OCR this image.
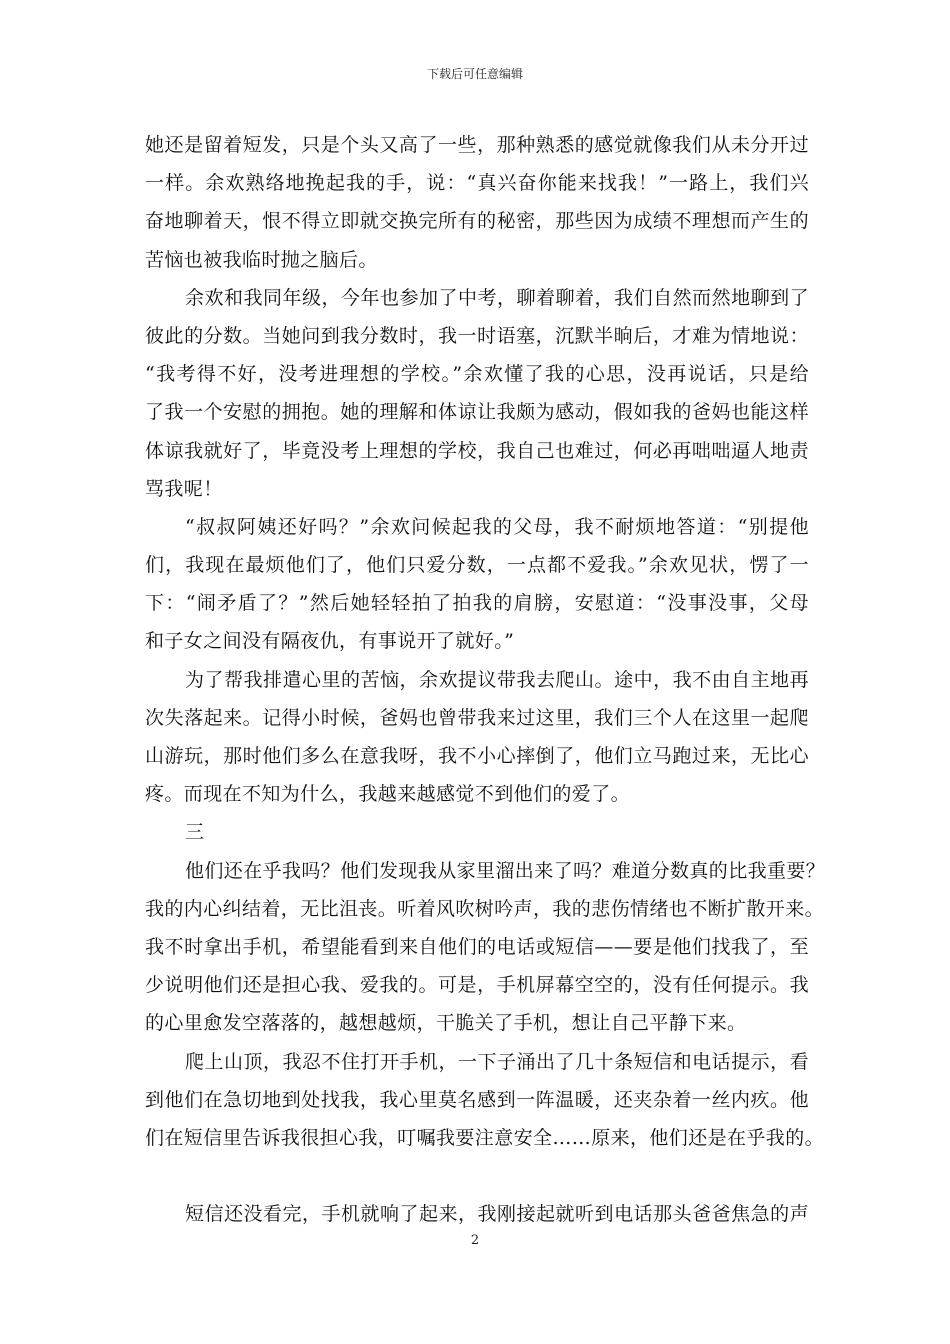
下载后可任意编辑
她还是留着短发，只是个头又高了一些，那种熟悉的感觉就像我们从未分开过
一样。余欢熟络地挽起我的手，说：“真兴奋你能来找我！”一路上，我们兴
奋地聊着天，恨不得立即就交换完所有的秘密，那些因为成绩不理想而产生的
苦恼也被我临时抛之脑后。
余欢和我同年级，今年也参加了中考，聊着聊着，我们自然而然地聊到了
彼此的分数。当她问到我分数时，我一时语塞，沉默半晌后，才难为情地说：
“我考得不好，没考进理想的学校。”余欢懂了我的心思，没再说话，只是给
了我一个安慰的拥抱。她的理解和体谅让我颇为感动，假如我的爸妈也能这样
体谅我就好了，毕竟没考上理想的学校，我自己也难过，何必再咄咄逼人地责
骂我呢！
“叔叔阿姨还好吗？”余欢问候起我的父母，我不耐烦地答道：“别提他
们，我现在最烦他们了，他们只爱分数，一点都不爱我。”余欢见状，愣了一
下：“闹矛盾了？”然后她轻轻拍了拍我的肩膀，安慰道：“没事没事，父母
和子女之间没有隔夜仇，有事说开了就好。”
为了帮我排遣心里的苦恼，余欢提议带我去爬山。途中，我不由自主地再
次失落起来。记得小时候，爸妈也曾带我来过这里，我们三个人在这里一起爬
山游玩，那时他们多么在意我呀，我不小心摔倒了，他们立马跑过来，无比心
疼。而现在不知为什么，我越来越感觉不到他们的爱了。
三
他们还在乎我吗？他们发现我从家里溜出来了吗？难道分数真的比我重要？
我的内心纠结着，无比沮丧。听着风吹树吟声，我的悲伤情绪也不断扩散开来。
我不时拿出手机，希望能看到来自他们的电话或短信——要是他们找我了，至
少说明他们还是担心我、爱我的。可是，手机屏幕空空的，没有任何提示。我
的心里愈发空落落的，越想越烦，干脆关了手机，想让自己平静下来。
爬上山顶，我忍不住打开手机，一下子涌出了几十条短信和电话提示，看
到他们在急切地到处找我，我心里莫名感到一阵温暖，还夹杂着一丝内疚。他
们在短信里告诉我很担心我，叮嘱我要注意安全……原来，他们还是在乎我的。
短信还没看完，手机就响了起来，我刚接起就听到电话那头爸爸焦急的声
2
